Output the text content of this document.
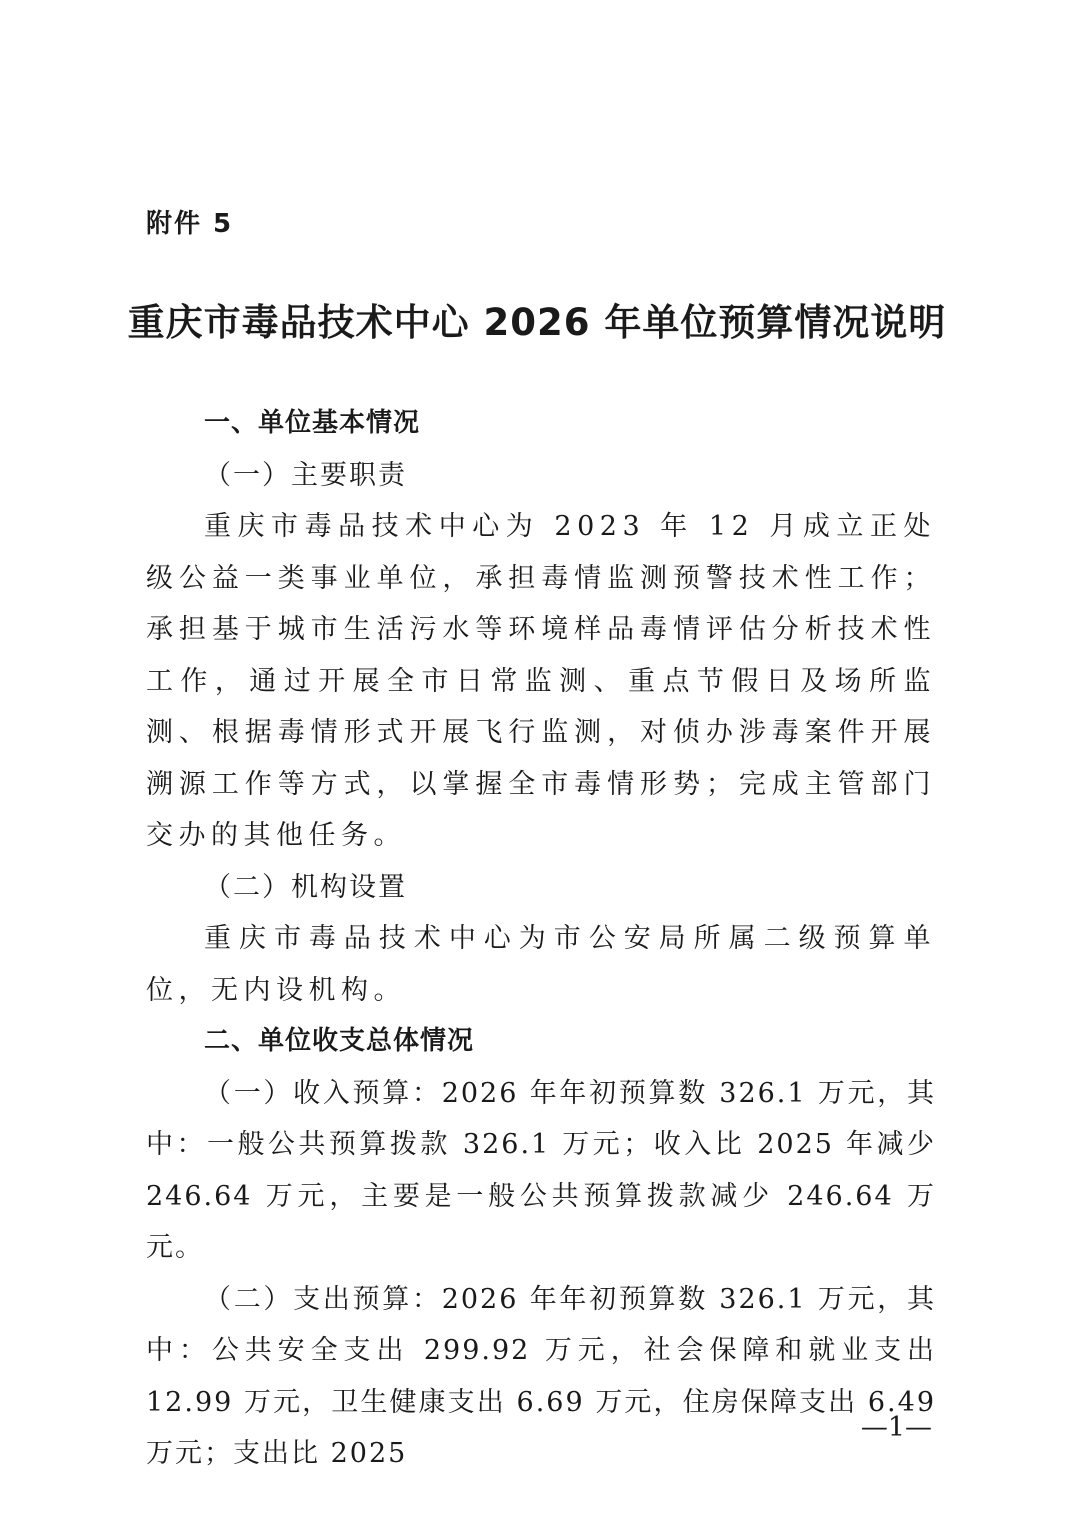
附件 5
重庆市毒品技术中心 2026 年单位预算情况说明

一、单位基本情况

（一）主要职责

重庆市毒品技术中心为 2023 年 12 月成立正处级公益一类事业单位，承担毒情监测预警技术性工作；承担基于城市生活污水等环境样品毒情评估分析技术性工作，通过开展全市日常监测、重点节假日及场所监测、根据毒情形式开展飞行监测，对侦办涉毒案件开展溯源工作等方式，以掌握全市毒情形势；完成主管部门交办的其他任务。

（二）机构设置

重庆市毒品技术中心为市公安局所属二级预算单位，无内设机构。

二、单位收支总体情况

（一）收入预算：2026 年年初预算数 326.1 万元，其中：一般公共预算拨款 326.1 万元；收入比 2025 年减少 246.64 万元，主要是一般公共预算拨款减少 246.64 万元。

（二）支出预算：2026 年年初预算数 326.1 万元，其中：公共安全支出 299.92 万元，社会保障和就业支出 12.99 万元，卫生健康支出 6.69 万元，住房保障支出 6.49 万元；支出比 2025

—1—
